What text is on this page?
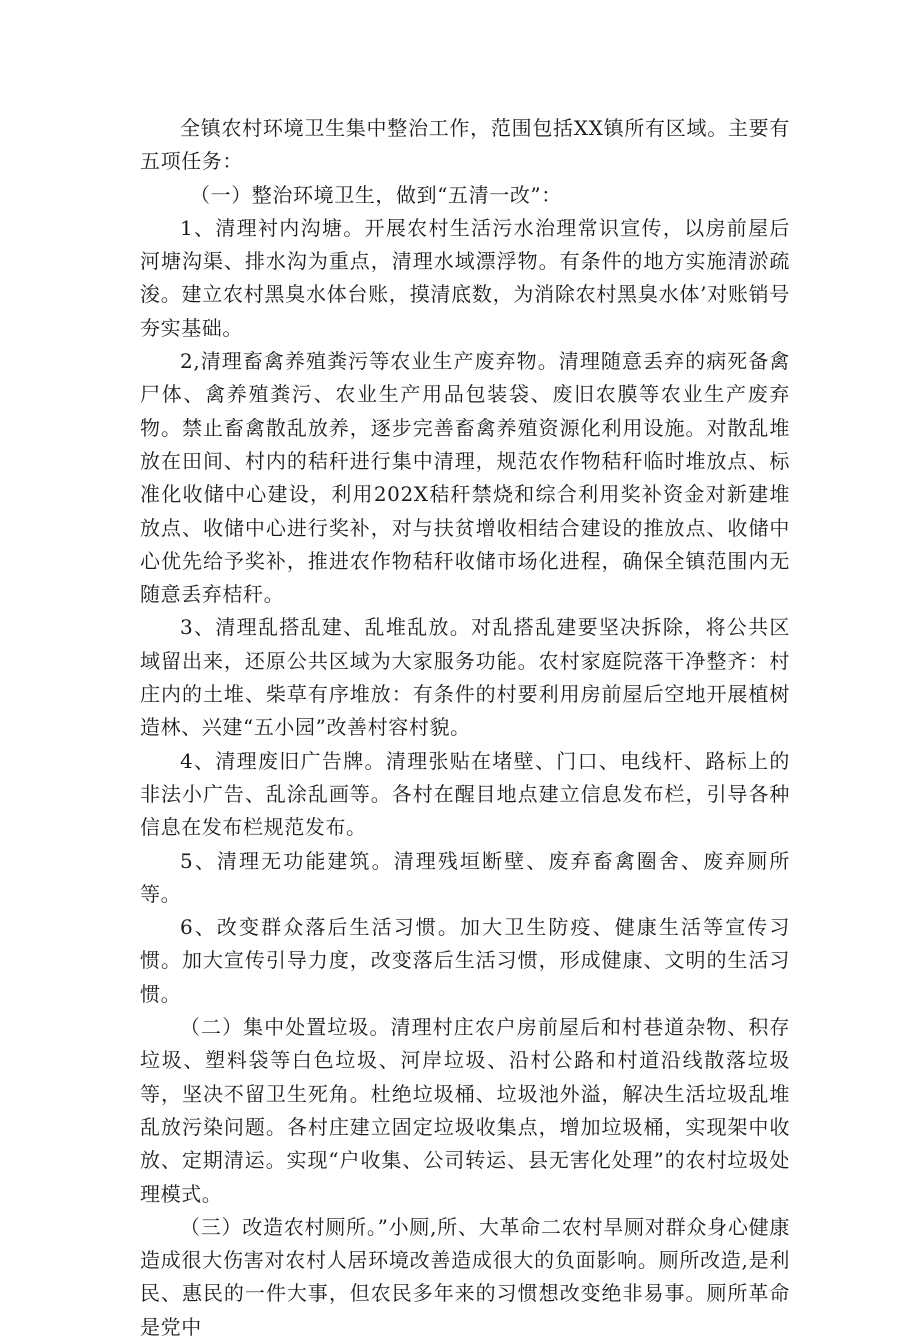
全镇农村环境卫生集中整治工作，范围包括XX镇所有区域。主要有五项任务：

（一）整治环境卫生，做到“五清一改”：

1、清理衬内沟塘。开展农村生活污水治理常识宣传，以房前屋后河塘沟渠、排水沟为重点，清理水域漂浮物。有条件的地方实施清淤疏浚。建立农村黑臭水体台账，摸清底数，为消除农村黑臭水体’对账销号夯实基础。

2,清理畜禽养殖粪污等农业生产废弃物。清理随意丢弃的病死备禽尸体、禽养殖粪污、农业生产用品包装袋、废旧农膜等农业生产废弃物。禁止畜禽散乱放养，逐步完善畜禽养殖资源化利用设施。对散乱堆放在田间、村内的秸秆进行集中清理，规范农作物秸秆临时堆放点、标准化收储中心建设，利用202X秸秆禁烧和综合利用奖补资金对新建堆放点、收储中心进行奖补，对与扶贫增收相结合建设的推放点、收储中心优先给予奖补，推进农作物秸秆收储市场化进程，确保全镇范围内无随意丢弃桔秆。

3、清理乱搭乱建、乱堆乱放。对乱搭乱建要坚决拆除，将公共区域留出来，还原公共区域为大家服务功能。农村家庭院落干净整齐：村庄内的土堆、柴草有序堆放：有条件的村要利用房前屋后空地开展植树造林、兴建“五小园”改善村容村貌。

4、清理废旧广告牌。清理张贴在堵壁、门口、电线杆、路标上的非法小广告、乱涂乱画等。各村在醒目地点建立信息发布栏，引导各种信息在发布栏规范发布。

5、清理无功能建筑。清理残垣断壁、废弃畜禽圈舍、废弃厕所等。

6、改变群众落后生活习惯。加大卫生防疫、健康生活等宣传习惯。加大宣传引导力度，改变落后生活习惯，形成健康、文明的生活习惯。

（二）集中处置垃圾。清理村庄农户房前屋后和村巷道杂物、积存垃圾、塑料袋等白色垃圾、河岸垃圾、沿村公路和村道沿线散落垃圾等，坚决不留卫生死角。杜绝垃圾桶、垃圾池外溢，解决生活垃圾乱堆乱放污染问题。各村庄建立固定垃圾收集点，增加垃圾桶，实现架中收放、定期清运。实现“户收集、公司转运、县无害化处理”的农村垃圾处理模式。

（三）改造农村厕所。”小厕,所、大革命二农村旱厕对群众身心健康造成很大伤害对农村人居环境改善造成很大的负面影响。厕所改造,是利民、惠民的一件大事，但农民多年来的习惯想改变绝非易事。厕所革命是党中
